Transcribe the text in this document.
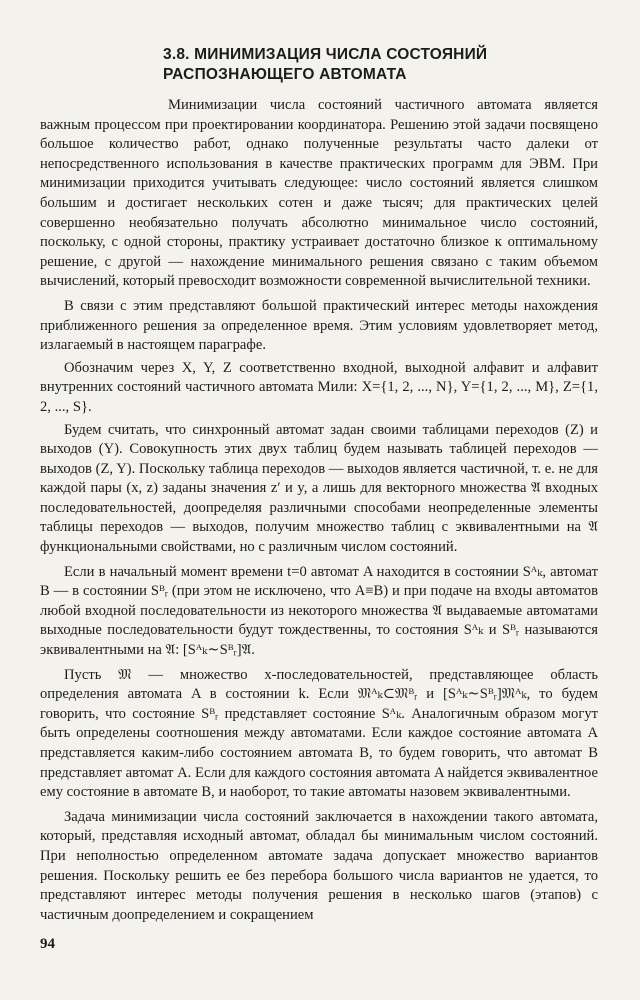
3.8. МИНИМИЗАЦИЯ ЧИСЛА СОСТОЯНИЙ
РАСПОЗНАЮЩЕГО АВТОМАТА

Минимизации числа состояний частичного автомата является важным процессом при проектировании координатора. Решению этой задачи посвящено большое количество работ, однако полученные результаты часто далеки от непосредственного использования в качестве практических программ для ЭВМ. При минимизации приходится учитывать следующее: число состояний является слишком большим и достигает нескольких сотен и даже тысяч; для практических целей совершенно необязательно получать абсолютно минимальное число состояний, поскольку, с одной стороны, практику устраивает достаточно близкое к оптимальному решение, с другой — нахождение минимального решения связано с таким объемом вычислений, который превосходит возможности современной вычислительной техники.

В связи с этим представляют большой практический интерес методы нахождения приближенного решения за определенное время. Этим условиям удовлетворяет метод, излагаемый в настоящем параграфе.

Обозначим через X, Y, Z соответственно входной, выходной алфавит и алфавит внутренних состояний частичного автомата Мили: X={1, 2, ..., N}, Y={1, 2, ..., M}, Z={1, 2, ..., S}.

Будем считать, что синхронный автомат задан своими таблицами переходов (Z) и выходов (Y). Совокупность этих двух таблиц будем называть таблицей переходов — выходов (Z, Y). Поскольку таблица переходов — выходов является частичной, т. е. не для каждой пары (x, z) заданы значения z′ и y, а лишь для векторного множества 𝔄 входных последовательностей, доопределяя различными способами неопределенные элементы таблицы переходов — выходов, получим множество таблиц с эквивалентными на 𝔄 функциональными свойствами, но с различным числом состояний.

Если в начальный момент времени t=0 автомат A находится в состоянии Sᴬₖ, автомат B — в состоянии Sᴮᵣ (при этом не исключено, что A≡B) и при подаче на входы автоматов любой входной последовательности из некоторого множества 𝔄 выдаваемые автоматами выходные последовательности будут тождественны, то состояния Sᴬₖ и Sᴮᵣ называются эквивалентными на 𝔄: [Sᴬₖ∼Sᴮᵣ]𝔄.

Пусть 𝔐 — множество x-последовательностей, представляющее область определения автомата A в состоянии k. Если 𝔐ᴬₖ⊂𝔐ᴮᵣ и [Sᴬₖ∼Sᴮᵣ]𝔐ᴬₖ, то будем говорить, что состояние Sᴮᵣ представляет состояние Sᴬₖ. Аналогичным образом могут быть определены соотношения между автоматами. Если каждое состояние автомата A представляется каким-либо состоянием автомата B, то будем говорить, что автомат B представляет автомат A. Если для каждого состояния автомата A найдется эквивалентное ему состояние в автомате B, и наоборот, то такие автоматы назовем эквивалентными.

Задача минимизации числа состояний заключается в нахождении такого автомата, который, представляя исходный автомат, обладал бы минимальным числом состояний. При неполностью определенном автомате задача допускает множество вариантов решения. Поскольку решить ее без перебора большого числа вариантов не удается, то представляют интерес методы получения решения в несколько шагов (этапов) с частичным доопределением и сокращением

94
